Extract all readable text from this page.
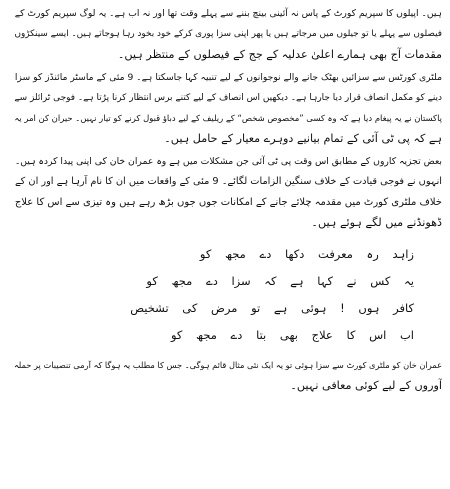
ہیں۔ اپیلوں کا سپریم کورٹ کے پاس نہ آئینی بینچ بننے سے پہلے وقت تھا اور نہ اب ہے۔ یہ لوگ سپریم کورٹ کے
فیصلوں سے پہلے یا تو جیلوں میں مرجاتے ہیں یا پھر اپنی سزا پوری کرکے خود بخود رہا ہوجاتے ہیں۔ ایسے سینکڑوں
مقدمات آج بھی ہمارے اعلیٰ عدلیہ کے جج کے فیصلوں کے منتظر ہیں۔

ملٹری کورٹس سے سزائیں بھٹک جانے والے نوجوانوں کے لیے تنبیہ کہا جاسکتا ہے۔ 9 مئی کے ماسٹر مائنڈز کو سزا
دینے کو مکمل انصاف قرار دیا جارہا ہے۔ دیکھیں اس انصاف کے لیے کتنے برس انتظار کرنا پڑتا ہے۔ فوجی ٹرائلز سے
پاکستان نے یہ پیغام دیا ہے کہ وہ کسی ”مخصوص شخص“ کے ریلیف کے لیے دباؤ قبول کرنے کو تیار نہیں۔ حیران کن امر یہ
ہے کہ پی ٹی آئی کے تمام بیانیے دوہرے معیار کے حامل ہیں۔

بعض تجزیہ کاروں کے مطابق اس وقت پی ٹی آئی جن مشکلات میں ہے وہ عمران خان کی اپنی پیدا کردہ ہیں۔
انہوں نے فوجی قیادت کے خلاف سنگین الزامات لگائے۔ 9 مئی کے واقعات میں ان کا نام آرہا ہے اور ان کے
خلاف ملٹری کورٹ میں مقدمہ چلائے جانے کے امکانات جوں جوں بڑھ رہے ہیں وہ تیزی سے اس کا علاج
ڈھونڈنے میں لگے ہوئے ہیں۔

زاہد رہ معرفت دکھا دے مجھ کو
یہ کس نے کہا ہے کہ سزا دے مجھ کو
کافر ہوں ! ہوئی ہے تو مرض کی تشخیص
اب اس کا علاج بھی بتا دے مجھ کو

عمران خان کو ملٹری کورٹ سے سزا ہوئی تو یہ ایک نئی مثال قائم ہوگی۔ جس کا مطلب یہ ہوگا کہ آرمی تنصیبات پر حملہ
آوروں کے لیے کوئی معافی نہیں۔
